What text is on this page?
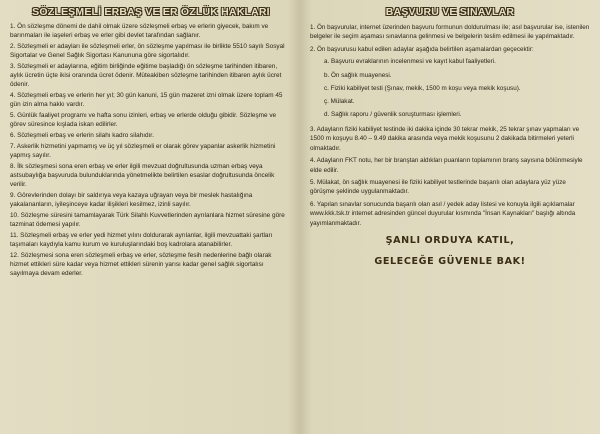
SÖZLEŞMELİ ERBAŞ VE ER ÖZLÜK HAKLARI

1. Ön sözleşme dönemi de dahil olmak üzere sözleşmeli erbaş ve erlerin giyecek, bakım ve barınmaları ile iaşeleri erbaş ve erler gibi devlet tarafından sağlanır.

2. Sözleşmeli er adayları ile sözleşmeli erler, ön sözleşme yapılması ile birlikte 5510 sayılı Sosyal Sigortalar ve Genel Sağlık Sigortası Kanununa göre sigortalıdır.

3. Sözleşmeli er adaylarına, eğitim birliğinde eğitime başladığı ön sözleşme tarihinden itibaren, aylık ücretin üçte ikisi oranında ücret ödenir. Müteakiben sözleşme tarihinden itibaren aylık ücret ödenir.

4. Sözleşmeli erbaş ve erlerin her yıl; 30 gün kanuni, 15 gün mazeret izni olmak üzere toplam 45 gün izin alma hakkı vardır.

5. Günlük faaliyet programı ve hafta sonu izinleri, erbaş ve erlerde olduğu gibidir. Sözleşme ve görev süresince kışlada iskan edilirler.

6. Sözleşmeli erbaş ve erlerin silahı kadro silahıdır.

7. Askerlik hizmetini yapmamış ve üç yıl sözleşmeli er olarak görev yapanlar askerlik hizmetini yapmış sayılır.

8. İlk sözleşmesi sona eren erbaş ve erler ilgili mevzuat doğrultusunda uzman erbaş veya astsubaylığa başvuruda bulunduklarında yönetmelikte belirtilen esaslar doğrultusunda öncelik verilir.

9. Görevlerinden dolayı bir saldırıya veya kazaya uğrayan veya bir meslek hastalığına yakalananların, iyileşinceye kadar ilişikleri kesilmez, izinli sayılır.

10. Sözleşme süresini tamamlayarak Türk Silahlı Kuvvetlerinden ayrılanlara hizmet süresine göre tazminat ödemesi yapılır.

11. Sözleşmeli erbaş ve erler yedi hizmet yılını doldurarak ayrılanlar, ilgili mevzuattaki şartları taşımaları kaydıyla kamu kurum ve kuruluşlarındaki boş kadrolara atanabilirler.

12. Sözleşmesi sona eren sözleşmeli erbaş ve erler, sözleşme fesih nedenlerine bağlı olarak hizmet ettikleri süre kadar veya hizmet ettikleri sürenin yarısı kadar genel sağlık sigortalısı sayılmaya devam ederler.

BAŞVURU VE SINAVLAR

1. Ön başvurular, internet üzerinden başvuru formunun doldurulması ile; asıl başvurular ise, istenilen belgeler ile seçim aşaması sınavlarına gelinmesi ve belgelerin teslim edilmesi ile yapılmaktadır.

2. Ön başvurusu kabul edilen adaylar aşağıda belirtilen aşamalardan geçecektir:

a. Başvuru evraklarının incelenmesi ve kayıt kabul faaliyetleri.
b. Ön sağlık muayenesi.
c. Fiziki kabiliyet testi (Şınav, mekik, 1500 m koşu veya mekik koşusu).
ç. Mülakat.
d. Sağlık raporu / güvenlik soruşturması işlemleri.

3. Adayların fiziki kabiliyet testinde iki dakika içinde 30 tekrar mekik, 25 tekrar şınav yapmaları ve 1500 m koşuyu 8.40 – 9.49 dakika arasında veya mekik koşusunu 2 dakikada bitirmeleri yeterli olmaktadır.

4. Adayların FKT notu, her bir branştan aldıkları puanların toplamının branş sayısına bölünmesiyle elde edilir.

5. Mülakat, ön sağlık muayenesi ile fiziki kabiliyet testlerinde başarılı olan adaylara yüz yüze görüşme şeklinde uygulanmaktadır.

6. Yapılan sınavlar sonucunda başarılı olan asıl / yedek aday listesi ve konuyla ilgili açıklamalar www.kkk.tsk.tr internet adresinden güncel duyurular kısmında "İnsan Kaynakları" başlığı altında yayımlanmaktadır.

ŞANLI ORDUYA KATIL,

GELECEĞE GÜVENLE BAK!
